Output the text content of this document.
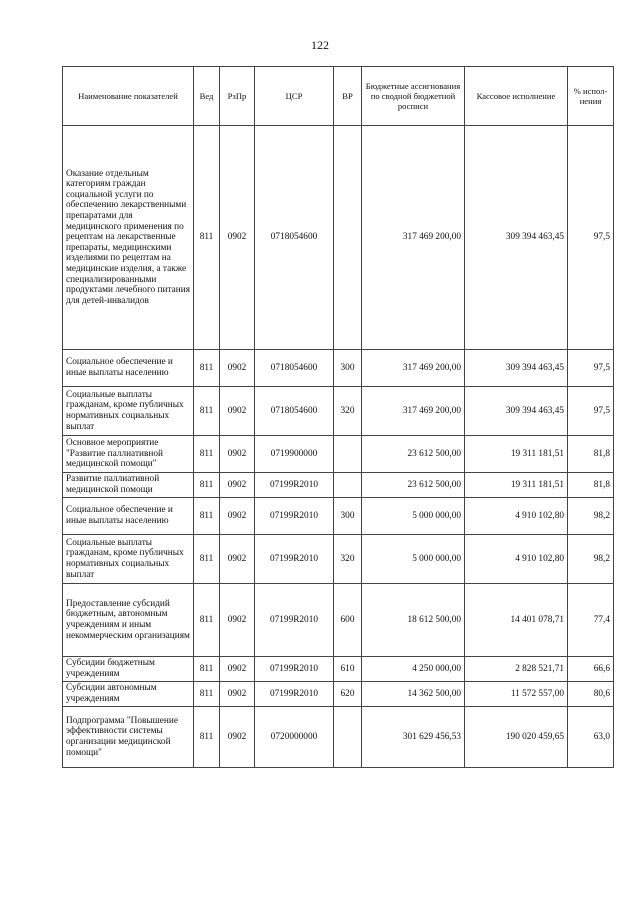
122
Наименование показателей	Вед	РзПр	ЦСР	ВР	Бюджетные ассигнования по сводной бюджетной росписи	Кассовое исполнение	% испол-нения
Оказание отдельным категориям граждан социальной услуги по обеспечению лекарственными препаратами для медицинского применения по рецептам на лекарственные препараты, медицинскими изделиями по рецептам на медицинские изделия, а также специализированными продуктами лечебного питания для детей-инвалидов	811	0902	0718054600		317 469 200,00	309 394 463,45	97,5
Социальное обеспечение и иные выплаты населению	811	0902	0718054600	300	317 469 200,00	309 394 463,45	97,5
Социальные выплаты гражданам, кроме публичных нормативных социальных выплат	811	0902	0718054600	320	317 469 200,00	309 394 463,45	97,5
Основное мероприятие "Развитие паллиативной медицинской помощи"	811	0902	0719900000		23 612 500,00	19 311 181,51	81,8
Развитие паллиативной медицинской помощи	811	0902	07199R2010		23 612 500,00	19 311 181,51	81,8
Социальное обеспечение и иные выплаты населению	811	0902	07199R2010	300	5 000 000,00	4 910 102,80	98,2
Социальные выплаты гражданам, кроме публичных нормативных социальных выплат	811	0902	07199R2010	320	5 000 000,00	4 910 102,80	98,2
Предоставление субсидий бюджетным, автономным учреждениям и иным некоммерческим организациям	811	0902	07199R2010	600	18 612 500,00	14 401 078,71	77,4
Субсидии бюджетным учреждениям	811	0902	07199R2010	610	4 250 000,00	2 828 521,71	66,6
Субсидии автономным учреждениям	811	0902	07199R2010	620	14 362 500,00	11 572 557,00	80,6
Подпрограмма "Повышение эффективности системы организации медицинской помощи"	811	0902	0720000000		301 629 456,53	190 020 459,65	63,0
